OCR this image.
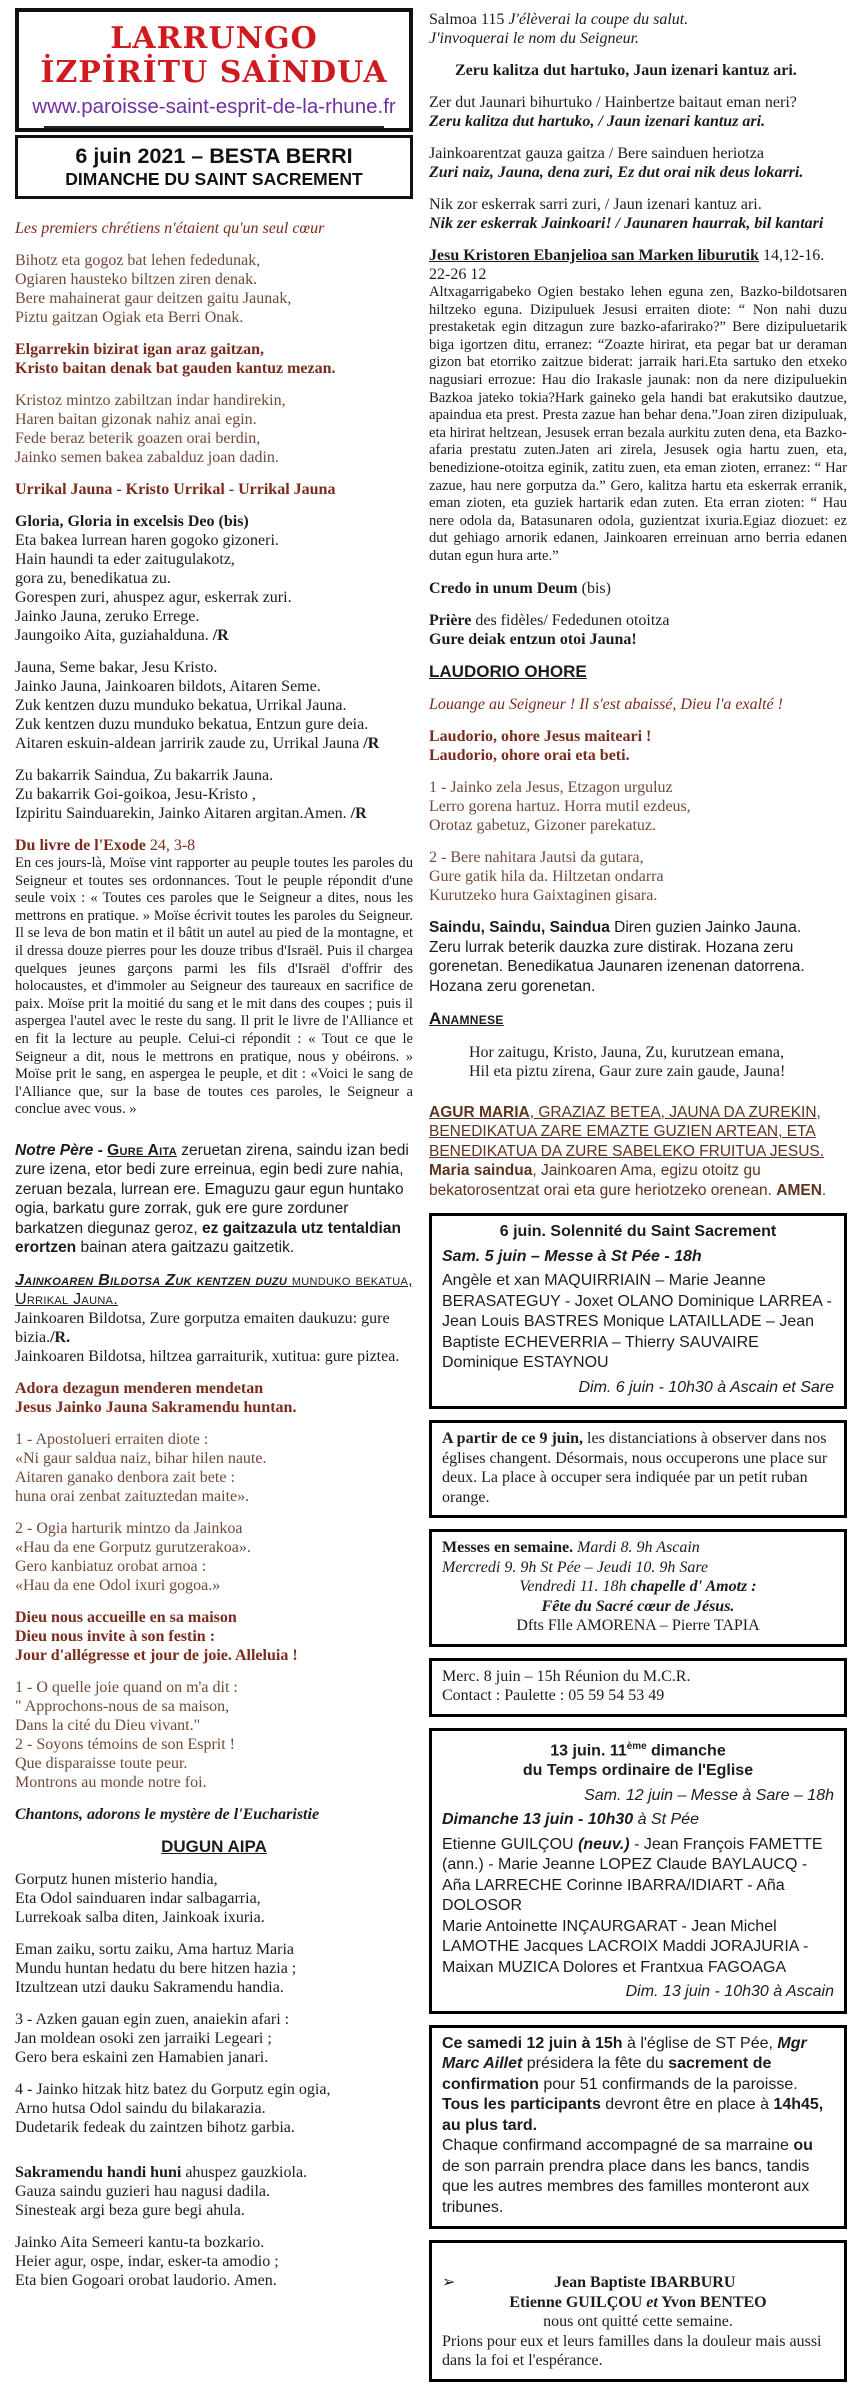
LARRUNGO İZPİRİTU SAİNDUA
www.paroisse-saint-esprit-de-la-rhune.fr
6 juin 2021 – BESTA BERRI
DIMANCHE DU SAINT SACREMENT
Les premiers chrétiens n'étaient qu'un seul cœur
Bihotz eta gogoz bat lehen fededunak,
Ogiaren hausteko biltzen ziren denak.
Bere mahainerat gaur deitzen gaitu Jaunak,
Piztu gaitzan Ogiak eta Berri Onak.
Elgarrekin bizirat igan araz gaitzan,
Kristo baitan denak bat gauden kantuz mezan.
Kristoz mintzo zabiltzan indar handirekin,
Haren baitan gizonak nahiz anai egin.
Fede beraz beterik goazen orai berdin,
Jainko semen bakea zabalduz joan dadin.
Urrikal Jauna - Kristo Urrikal - Urrikal Jauna
Gloria, Gloria in excelsis Deo (bis)
Eta bakea lurrean haren gogoko gizoneri.
Hain haundi ta eder zaitugulakotz,
gora zu, benedikatua zu.
Gorespen zuri, ahuspez agur, eskerrak zuri.
Jainko Jauna, zeruko Errege.
Jaungoiko Aita, guziahalduna. /R
Jauna, Seme bakar, Jesu Kristo.
Jainko Jauna, Jainkoaren bildots, Aitaren Seme.
Zuk kentzen duzu munduko bekatua, Urrikal Jauna.
Zuk kentzen duzu munduko bekatua, Entzun gure deia.
Aitaren eskuin-aldean jarririk zaude zu, Urrikal Jauna /R
Zu bakarrik Saindua, Zu bakarrik Jauna.
Zu bakarrik Goi-goikoa, Jesu-Kristo ,
Izpiritu Sainduarekin, Jainko Aitaren argitan.Amen. /R
Du livre de l'Exode 24, 3-8
En ces jours-là, Moïse vint rapporter au peuple toutes les paroles du Seigneur et toutes ses ordonnances. Tout le peuple répondit d'une seule voix : « Toutes ces paroles que le Seigneur a dites, nous les mettrons en pratique. » Moïse écrivit toutes les paroles du Seigneur. Il se leva de bon matin et il bâtit un autel au pied de la montagne, et il dressa douze pierres pour les douze tribus d'Israël. Puis il chargea quelques jeunes garçons parmi les fils d'Israël d'offrir des holocaustes, et d'immoler au Seigneur des taureaux en sacrifice de paix. Moïse prit la moitié du sang et le mit dans des coupes ; puis il aspergea l'autel avec le reste du sang. Il prit le livre de l'Alliance et en fit la lecture au peuple. Celui-ci répondit : « Tout ce que le Seigneur a dit, nous le mettrons en pratique, nous y obéirons. » Moïse prit le sang, en aspergea le peuple, et dit : «Voici le sang de l'Alliance que, sur la base de toutes ces paroles, le Seigneur a conclue avec vous. »
Notre Père - Gure Aita zeruetan zirena, saindu izan bedi zure izena, etor bedi zure erreinua, egin bedi zure nahia, zeruan bezala, lurrean ere. Emaguzu gaur egun huntako ogia, barkatu gure zorrak, guk ere gure zorduner barkatzen diegunaz geroz, ez gaitzazula utz tentaldian erortzen bainan atera gaitzazu gaitzetik.
Jainkoaren Bildotsa Zuk kentzen duzu munduko bekatua, Urrikal Jauna.
Jainkoaren Bildotsa, Zure gorputza emaiten daukuzu: gure bizia./R.
Jainkoaren Bildotsa, hiltzea garraiturik, xutitua: gure piztea.
Adora dezagun menderen mendetan
Jesus Jainko Jauna Sakramendu huntan.
1 - Apostolueri erraiten diote :
«Ni gaur saldua naiz, bihar hilen naute.
Aitaren ganako denbora zait bete :
huna orai zenbat zaituztedan maite».
2 - Ogia harturik mintzo da Jainkoa
«Hau da ene Gorputz gurutzerakoa».
Gero kanbiatuz orobat arnoa :
«Hau da ene Odol ixuri gogoa.»
Dieu nous accueille en sa maison
Dieu nous invite à son festin :
Jour d'allégresse et jour de joie. Alleluia !
1 - O quelle joie quand on m'a dit :
" Approchons-nous de sa maison,
Dans la cité du Dieu vivant."
2 - Soyons témoins de son Esprit !
Que disparaisse toute peur.
Montrons au monde notre foi.
Chantons, adorons le mystère de l'Eucharistie
DUGUN AIPA
Gorputz hunen misterio handia,
Eta Odol sainduaren indar salbagarria,
Lurrekoak salba diten, Jainkoak ixuria.
Eman zaiku, sortu zaiku, Ama hartuz Maria
Mundu huntan hedatu du bere hitzen hazia ;
Itzultzean utzi dauku Sakramendu handia.
3 - Azken gauan egin zuen, anaiekin afari :
Jan moldean osoki zen jarraiki Legeari ;
Gero bera eskaini zen Hamabien janari.
4 - Jainko hitzak hitz batez du Gorputz egin ogia,
Arno hutsa Odol saindu du bilakarazia.
Dudetarik fedeak du zaintzen bihotz garbia.
Sakramendu handi huni ahuspez gauzkiola.
Gauza saindu guzieri hau nagusi dadila.
Sinesteak argi beza gure begi ahula.
Jainko Aita Semeeri kantu-ta bozkario.
Heier agur, ospe, indar, esker-ta amodio ;
Eta bien Gogoari orobat laudorio. Amen.
Salmoa 115 J'élèverai la coupe du salut.
J'invoquerai le nom du Seigneur.
Zeru kalitza dut hartuko, Jaun izenari kantuz ari.
Zer dut Jaunari bihurtuko / Hainbertze baitaut eman neri?
Zeru kalitza dut hartuko, / Jaun izenari kantuz ari.
Jainkoarentzat gauza gaitza / Bere sainduen heriotza
Zuri naiz, Jauna, dena zuri, Ez dut orai nik deus lokarri.
Nik zor eskerrak sarri zuri, / Jaun izenari kantuz ari.
Nik zer eskerrak Jainkoari! / Jaunaren haurrak, bil kantari
Jesu Kristoren Ebanjelioa san Marken liburutik 14,12-16. 22-26 12
Altxagarrigabeko Ogien bestako lehen eguna zen, Bazko-bildotsaren hiltzeko eguna. Dizipuluek Jesusi erraiten diote: “ Non nahi duzu prestaketak egin ditzagun zure bazko-afarirako?” Bere dizipuluetarik biga igortzen ditu, erranez: “Zoazte hirirat, eta pegar bat ur deraman gizon bat etorriko zaitzue biderat: jarraik hari.Eta sartuko den etxeko nagusiari errozue: Hau dio Irakasle jaunak: non da nere dizipuluekin Bazkoa jateko tokia?Hark gaineko gela handi bat erakutsiko dautzue, apaindua eta prest. Presta zazue han behar dena.”Joan ziren dizipuluak, eta hirirat heltzean, Jesusek erran bezala aurkitu zuten dena, eta Bazko-afaria prestatu zuten.Jaten ari zirela, Jesusek ogia hartu zuen, eta, benedizione-otoitza eginik, zatitu zuen, eta eman zioten, erranez: “ Har zazue, hau nere gorputza da.” Gero, kalitza hartu eta eskerrak erranik, eman zioten, eta guziek hartarik edan zuten. Eta erran zioten: “ Hau nere odola da, Batasunaren odola, guzientzat ixuria.Egiaz diozuet: ez dut gehiago arnorik edanen, Jainkoaren erreinuan arno berria edanen dutan egun hura arte.”
Credo in unum Deum (bis)
Prière des fidèles/ Fededunen otoitza
Gure deiak entzun otoi Jauna!
LAUDORIO OHORE
Louange au Seigneur ! Il s'est abaissé, Dieu l'a exalté !
Laudorio, ohore Jesus maiteari !
Laudorio, ohore orai eta beti.
1 - Jainko zela Jesus, Etzagon urguluz
Lerro gorena hartuz. Horra mutil ezdeus,
Orotaz gabetuz, Gizoner parekatuz.
2 - Bere nahitara Jautsi da gutara,
Gure gatik hila da. Hiltzetan ondarra
Kurutzeko hura Gaixtaginen gisara.
Saindu, Saindu, Saindua Diren guzien Jainko Jauna.
Zeru lurrak beterik dauzka zure distirak. Hozana zeru gorenetan. Benedikatua Jaunaren izenenan datorrena. Hozana zeru gorenetan.
Anamnese
Hor zaitugu, Kristo, Jauna, Zu, kurutzean emana,
Hil eta piztu zirena, Gaur zure zain gaude, Jauna!
AGUR MARIA, GRAZIAZ BETEA, JAUNA DA ZUREKIN, BENEDIKATUA ZARE EMAZTE GUZIEN ARTEAN, ETA BENEDIKATUA DA ZURE SABELEKO FRUITUA JESUS.
Maria saindua, Jainkoaren Ama, egizu otoitz gu bekatorosentzat orai eta gure heriotzeko orenean. AMEN.
6 juin. Solennité du Saint Sacrement
Sam. 5 juin – Messe à St Pée - 18h
Angèle et xan MAQUIRRIAIN – Marie Jeanne BERASATEGUY - Joxet OLANO Dominique LARREA - Jean Louis BASTRES Monique LATAILLADE – Jean Baptiste ECHEVERRIA – Thierry SAUVAIRE Dominique ESTAYNOU
Dim. 6 juin - 10h30 à Ascain et Sare
A partir de ce 9 juin, les distanciations à observer dans nos églises changent. Désormais, nous occuperons une place sur deux. La place à occuper sera indiquée par un petit ruban orange.
Messes en semaine. Mardi 8. 9h Ascain
Mercredi 9. 9h St Pée – Jeudi 10. 9h Sare
Vendredi 11. 18h chapelle d' Amotz :
Fête du Sacré cœur de Jésus.
Dfts Flle AMORENA – Pierre TAPIA
Merc. 8 juin – 15h Réunion du M.C.R.
Contact : Paulette : 05 59 54 53 49
13 juin. 11ème dimanche
du Temps ordinaire de l'Eglise
Sam. 12 juin – Messe à Sare – 18h
Dimanche 13 juin - 10h30 à St Pée
Etienne GUILÇOU (neuv.) - Jean François FAMETTE (ann.) - Marie Jeanne LOPEZ Claude BAYLAUCQ - Aña LARRECHE Corinne IBARRA/IDIART - Aña DOLOSOR
Marie Antoinette INÇAURGARAT - Jean Michel LAMOTHE Jacques LACROIX Maddi JORAJURIA - Maixan MUZICA Dolores et Frantxua FAGOAGA
Dim. 13 juin - 10h30 à Ascain
Ce samedi 12 juin à 15h à l'église de ST Pée, Mgr Marc Aillet présidera la fête du sacrement de confirmation pour 51 confirmands de la paroisse.
Tous les participants devront être en place à 14h45, au plus tard.
Chaque confirmand accompagné de sa marraine ou de son parrain prendra place dans les bancs, tandis que les autres membres des familles monteront aux tribunes.
➢	Jean Baptiste IBARBURU
Etienne GUILÇOU et Yvon BENTEO
nous ont quitté cette semaine.
Prions pour eux et leurs familles dans la douleur mais aussi dans la foi et l'espérance.
